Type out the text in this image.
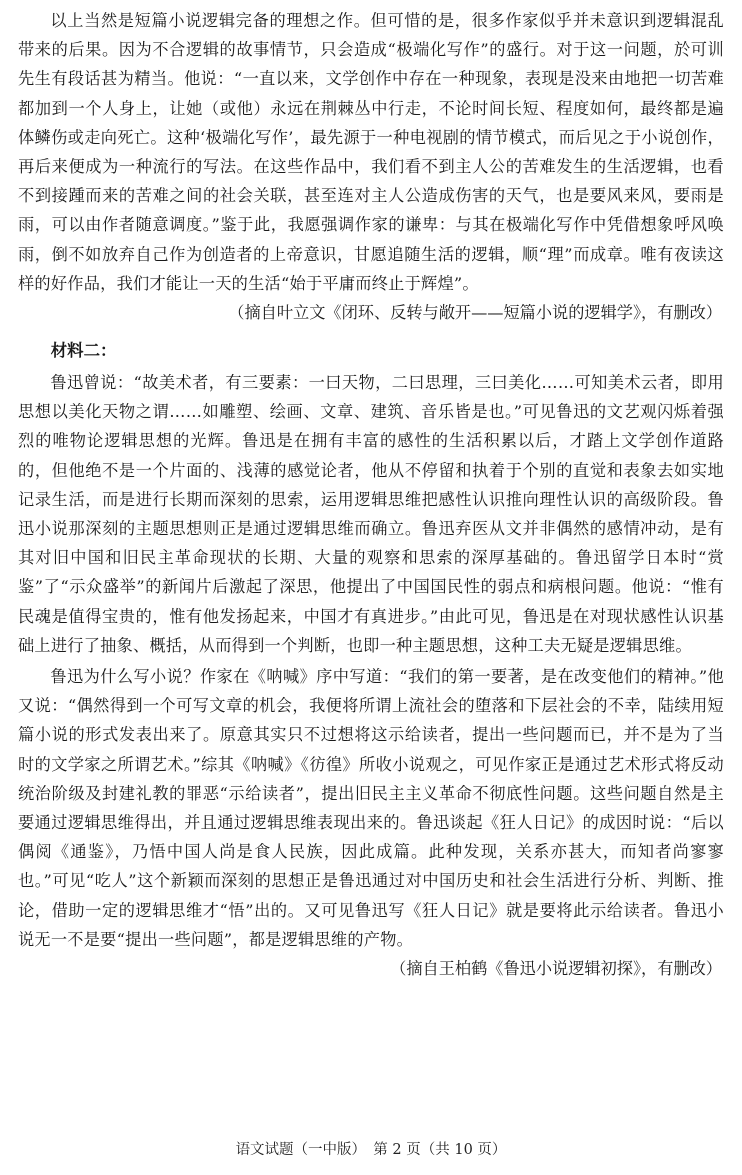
以上当然是短篇小说逻辑完备的理想之作。但可惜的是，很多作家似乎并未意识到逻辑混乱带来的后果。因为不合逻辑的故事情节，只会造成“极端化写作”的盛行。对于这一问题，於可训先生有段话甚为精当。他说：“一直以来，文学创作中存在一种现象，表现是没来由地把一切苦难都加到一个人身上，让她（或他）永远在荆棘丛中行走，不论时间长短、程度如何，最终都是遍体鳞伤或走向死亡。这种‘极端化写作’，最先源于一种电视剧的情节模式，而后见之于小说创作，再后来便成为一种流行的写法。在这些作品中，我们看不到主人公的苦难发生的生活逻辑，也看不到接踵而来的苦难之间的社会关联，甚至连对主人公造成伤害的天气，也是要风来风，要雨是雨，可以由作者随意调度。”鉴于此，我愿强调作家的谦卑：与其在极端化写作中凭借想象呼风唤雨，倒不如放弃自己作为创造者的上帝意识，甘愿追随生活的逻辑，顺“理”而成章。唯有夜读这样的好作品，我们才能让一天的生活“始于平庸而终止于辉煌”。

（摘自叶立文《闭环、反转与敞开——短篇小说的逻辑学》，有删改）

材料二：

鲁迅曾说：“故美术者，有三要素：一曰天物，二曰思理，三曰美化……可知美术云者，即用思想以美化天物之谓……如雕塑、绘画、文章、建筑、音乐皆是也。”可见鲁迅的文艺观闪烁着强烈的唯物论逻辑思想的光辉。鲁迅是在拥有丰富的感性的生活积累以后，才踏上文学创作道路的，但他绝不是一个片面的、浅薄的感觉论者，他从不停留和执着于个别的直觉和表象去如实地记录生活，而是进行长期而深刻的思索，运用逻辑思维把感性认识推向理性认识的高级阶段。鲁迅小说那深刻的主题思想则正是通过逻辑思维而确立。鲁迅弃医从文并非偶然的感情冲动，是有其对旧中国和旧民主革命现状的长期、大量的观察和思索的深厚基础的。鲁迅留学日本时“赏鉴”了“示众盛举”的新闻片后激起了深思，他提出了中国国民性的弱点和病根问题。他说：“惟有民魂是值得宝贵的，惟有他发扬起来，中国才有真进步。”由此可见，鲁迅是在对现状感性认识基础上进行了抽象、概括，从而得到一个判断，也即一种主题思想，这种工夫无疑是逻辑思维。

鲁迅为什么写小说？作家在《呐喊》序中写道：“我们的第一要著，是在改变他们的精神。”他又说：“偶然得到一个可写文章的机会，我便将所谓上流社会的堕落和下层社会的不幸，陆续用短篇小说的形式发表出来了。原意其实只不过想将这示给读者，提出一些问题而已，并不是为了当时的文学家之所谓艺术。”综其《呐喊》《彷徨》所收小说观之，可见作家正是通过艺术形式将反动统治阶级及封建礼教的罪恶“示给读者”，提出旧民主主义革命不彻底性问题。这些问题自然是主要通过逻辑思维得出，并且通过逻辑思维表现出来的。鲁迅谈起《狂人日记》的成因时说：“后以偶阅《通鉴》，乃悟中国人尚是食人民族，因此成篇。此种发现，关系亦甚大，而知者尚寥寥也。”可见“吃人”这个新颖而深刻的思想正是鲁迅通过对中国历史和社会生活进行分析、判断、推论，借助一定的逻辑思维才“悟”出的。又可见鲁迅写《狂人日记》就是要将此示给读者。鲁迅小说无一不是要“提出一些问题”，都是逻辑思维的产物。

（摘自王柏鹤《鲁迅小说逻辑初探》，有删改）

语文试题（一中版）　第 2 页（共 10 页）
